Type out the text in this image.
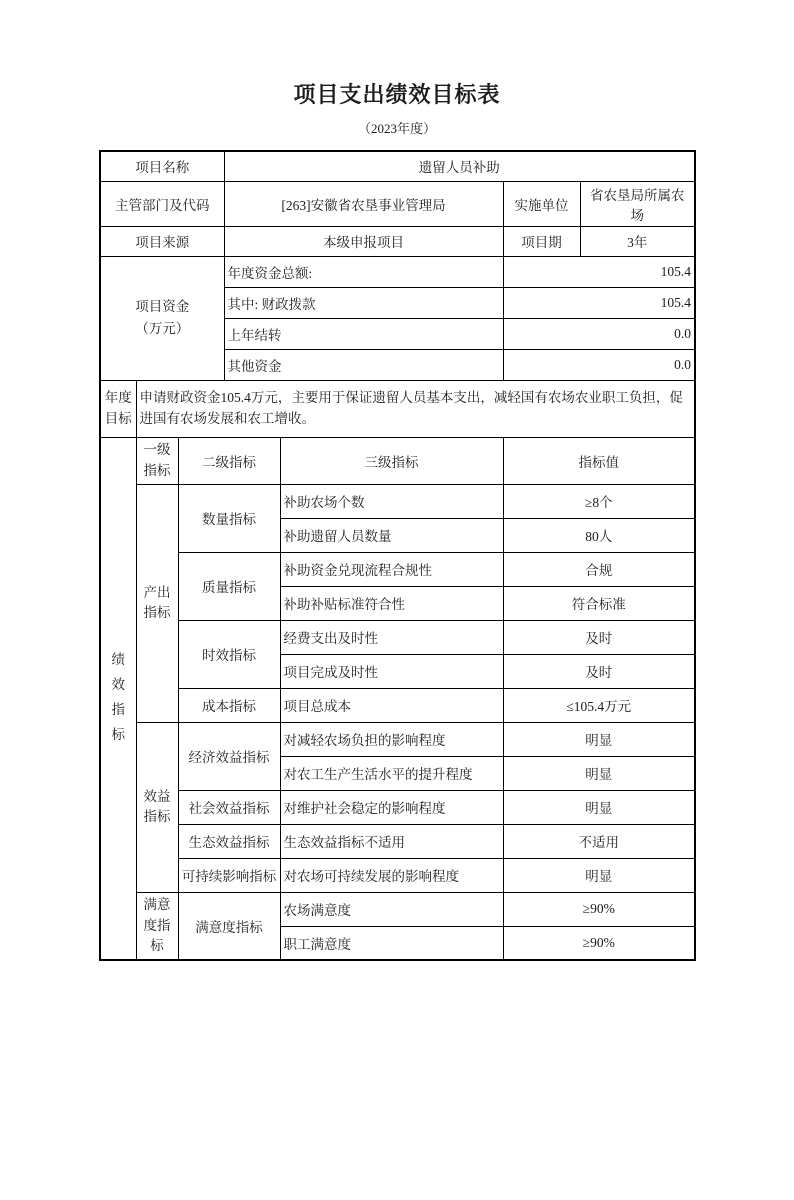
项目支出绩效目标表
（2023年度）
项目名称			遗留人员补助			
主管部门及代码			[263]安徽省农垦事业管理局		实施单位	省农垦局所属农场
项目来源			本级申报项目		项目期	3年
项目资金（万元）			年度资金总额:		105.4	
			其中: 财政拨款		105.4	
			上年结转		0.0	
			其他资金		0.0	
年度目标	申请财政资金105.4万元，主要用于保证遗留人员基本支出，减轻国有农场农业职工负担，促进国有农场发展和农工增收。					
绩效指标	一级指标	二级指标		三级指标	指标值	
	产出指标	数量指标		补助农场个数	≥8个	
				补助遗留人员数量	80人	
		质量指标		补助资金兑现流程合规性	合规	
				补助补贴标准符合性	符合标准	
		时效指标		经费支出及时性	及时	
				项目完成及时性	及时	
		成本指标		项目总成本	≤105.4万元	
	效益指标	经济效益指标		对减轻农场负担的影响程度	明显	
				对农工生产生活水平的提升程度	明显	
		社会效益指标		对维护社会稳定的影响程度	明显	
		生态效益指标		生态效益指标不适用	不适用	
		可持续影响指标		对农场可持续发展的影响程度	明显	
	满意度指标	满意度指标		农场满意度	≥90%	
				职工满意度	≥90%	
